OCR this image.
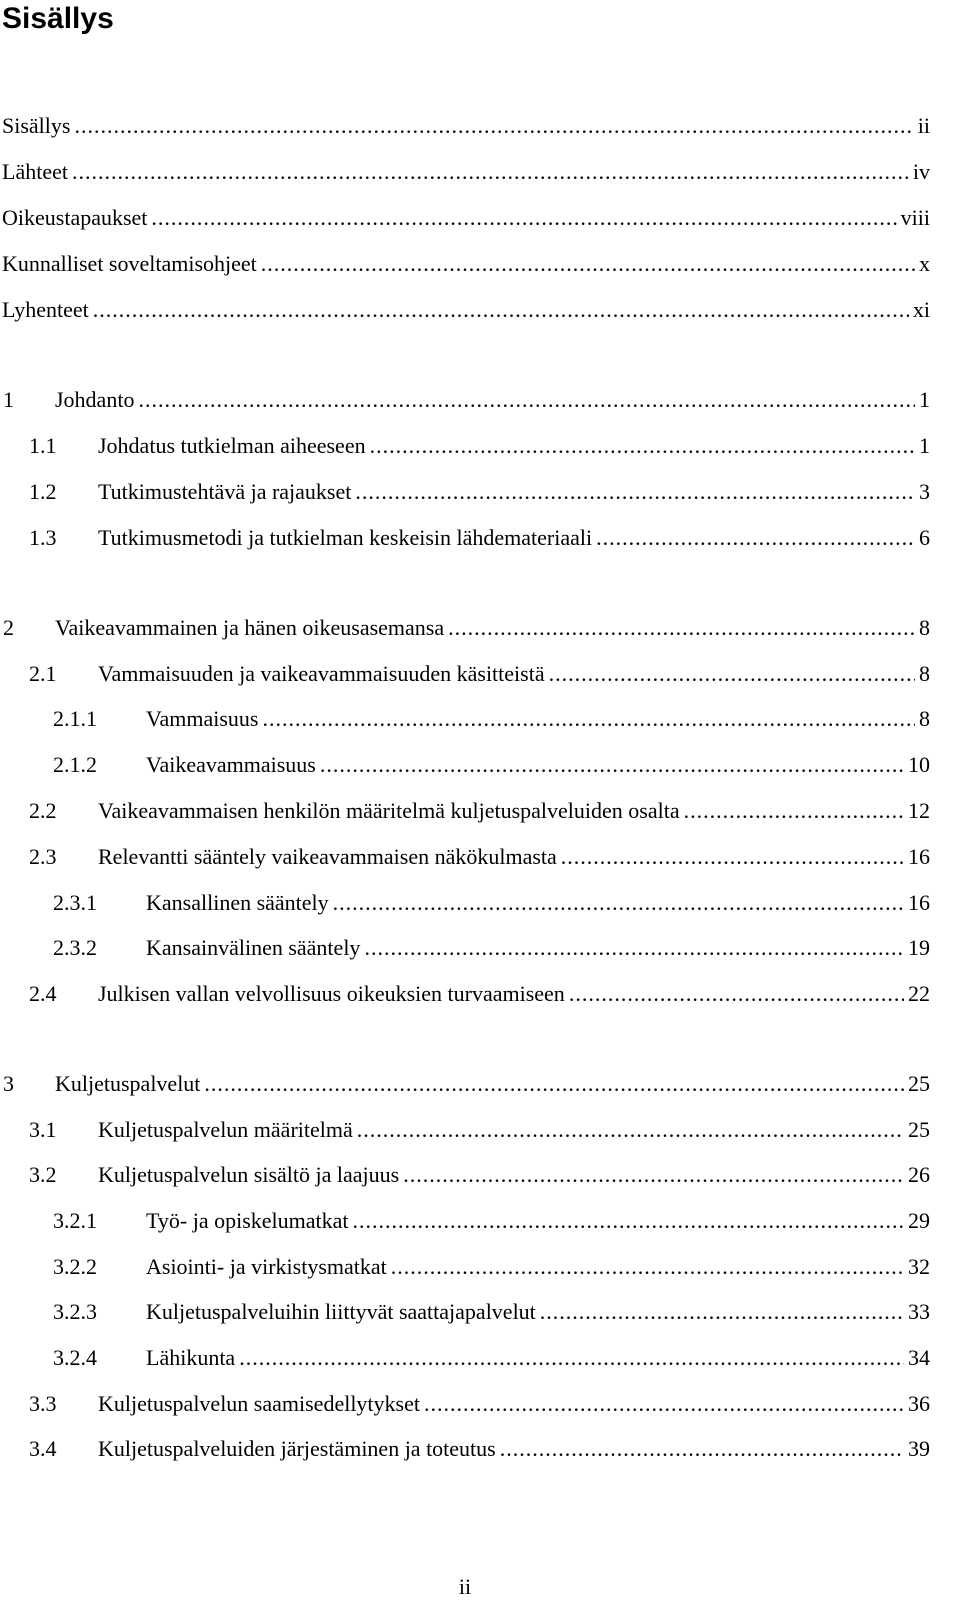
Sisällys
Sisällys .....	ii
Lähteet .....	iv
Oikeustapaukset .....	viii
Kunnalliset soveltamisohjeet .....	x
Lyhenteet .....	xi
1	Johdanto .....	1
1.1	Johdatus tutkielman aiheeseen .....	1
1.2	Tutkimustehtävä ja rajaukset .....	3
1.3	Tutkimusmetodi ja tutkielman keskeisin lähdemateriaali .....	6
2	Vaikeavammainen ja hänen oikeusasemansa .....	8
2.1	Vammaisuuden ja vaikeavammaisuuden käsitteistä .....	8
2.1.1	Vammaisuus .....	8
2.1.2	Vaikeavammaisuus .....	10
2.2	Vaikeavammaisen henkilön määritelmä kuljetuspalveluiden osalta .....	12
2.3	Relevantti sääntely vaikeavammaisen näkökulmasta .....	16
2.3.1	Kansallinen sääntely .....	16
2.3.2	Kansainvälinen sääntely .....	19
2.4	Julkisen vallan velvollisuus oikeuksien turvaamiseen .....	22
3	Kuljetuspalvelut .....	25
3.1	Kuljetuspalvelun määritelmä .....	25
3.2	Kuljetuspalvelun sisältö ja laajuus .....	26
3.2.1	Työ- ja opiskelumatkat .....	29
3.2.2	Asiointi- ja virkistysmatkat .....	32
3.2.3	Kuljetuspalveluihin liittyvät saattajapalvelut .....	33
3.2.4	Lähikunta .....	34
3.3	Kuljetuspalvelun saamisedellytykset .....	36
3.4	Kuljetuspalveluiden järjestäminen ja toteutus .....	39
ii
